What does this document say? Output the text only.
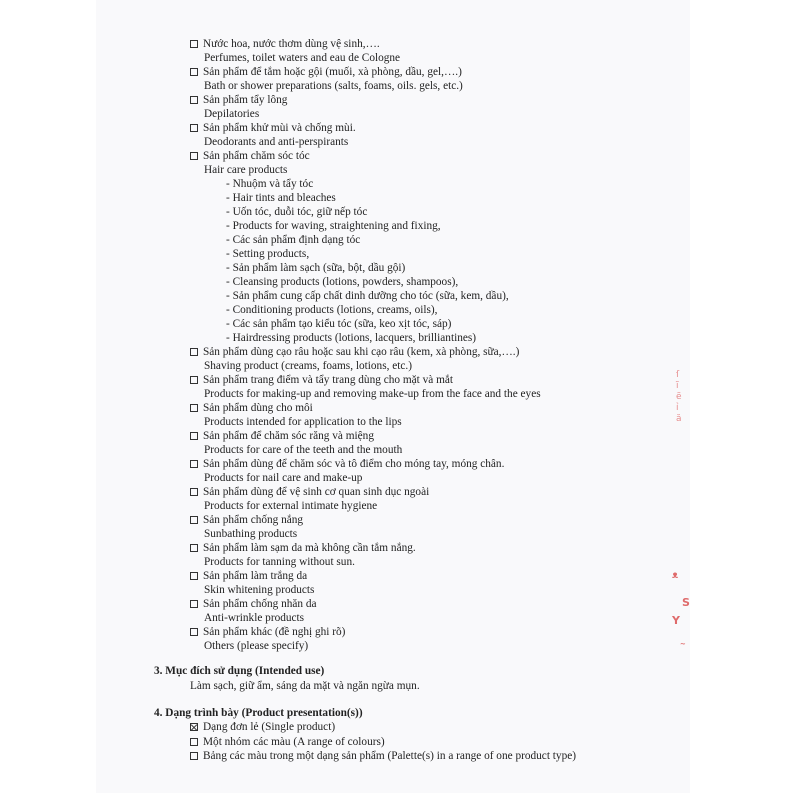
ſ
ĩ
ẽ
ỉ
ă
ᴥ
S
Y
∼
Nước hoa, nước thơm dùng vệ sinh,….
Perfumes, toilet waters and eau de Cologne
Sản phẩm để tắm hoặc gội (muối, xà phòng, dầu, gel,….)
Bath or shower preparations (salts, foams, oils. gels, etc.)
Sản phẩm tẩy lông
Depilatories
Sản phẩm khử mùi và chống mùi.
Deodorants and anti-perspirants
Sản phẩm chăm sóc tóc
Hair care products
- Nhuộm và tẩy tóc
- Hair tints and bleaches
- Uốn tóc, duỗi tóc, giữ nếp tóc
- Products for waving, straightening and fixing,
- Các sản phẩm định dạng tóc
- Setting products,
- Sản phẩm làm sạch (sữa, bột, dầu gội)
- Cleansing products (lotions, powders, shampoos),
- Sản phẩm cung cấp chất dinh dưỡng cho tóc (sữa, kem, dầu),
- Conditioning products (lotions, creams, oils),
- Các sản phẩm tạo kiểu tóc (sữa, keo xịt tóc, sáp)
- Hairdressing products (lotions, lacquers, brilliantines)
Sản phẩm dùng cạo râu hoặc sau khi cạo râu (kem, xà phòng, sữa,….)
Shaving product (creams, foams, lotions, etc.)
Sản phẩm trang điểm và tẩy trang dùng cho mặt và mắt
Products for making-up and removing make-up from the face and the eyes
Sản phẩm dùng cho môi
Products intended for application to the lips
Sản phẩm để chăm sóc răng và miệng
Products for care of the teeth and the mouth
Sản phẩm dùng để chăm sóc và tô điểm cho móng tay, móng chân.
Products for nail care and make-up
Sản phẩm dùng để vệ sinh cơ quan sinh dục ngoài
Products for external intimate hygiene
Sản phẩm chống nắng
Sunbathing products
Sản phẩm làm sạm da mà không cần tắm nắng.
Products for tanning without sun.
Sản phẩm làm trắng da
Skin whitening products
Sản phẩm chống nhăn da
Anti-wrinkle products
Sản phẩm khác (đề nghị ghi rõ)
Others (please specify)
3. Mục đích sử dụng (Intended use)
Làm sạch, giữ ẩm, sáng da mặt và ngăn ngừa mụn.
4. Dạng trình bày (Product presentation(s))
Dạng đơn lẻ (Single product)
Một nhóm các màu (A range of colours)
Bảng các màu trong một dạng sản phẩm (Palette(s) in a range of one product type)
